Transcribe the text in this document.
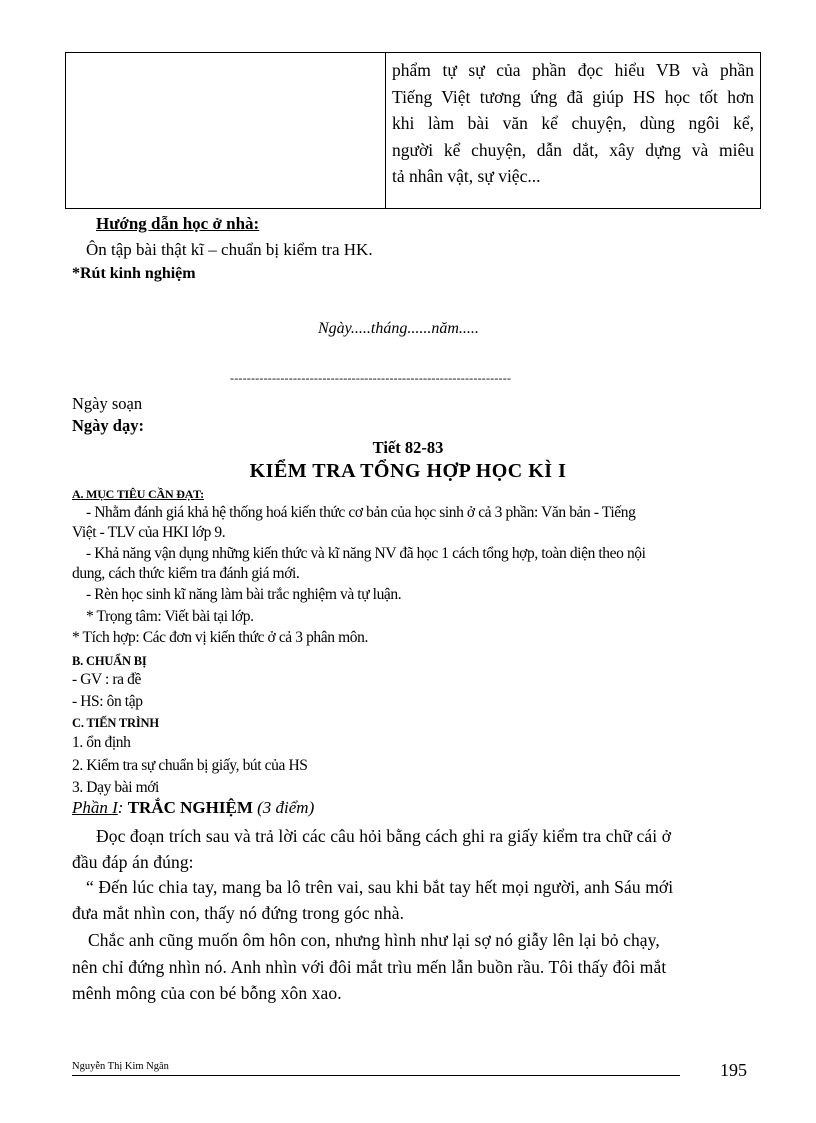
phẩm tự sự của phần đọc hiểu VB và phần
Tiếng Việt tương ứng đã giúp HS học tốt hơn
khi làm bài văn kể chuyện, dùng ngôi kể,
người kể chuyện, dẫn dắt, xây dựng và miêu
tả nhân vật, sự việc...
Hướng dẫn học ở nhà:
Ôn tập bài thật kĩ – chuẩn bị kiểm tra HK.
*Rút kinh nghiệm
Ngày.....tháng......năm.....
-------------------------------------------------------------------
Ngày soạn
Ngày dạy:
Tiết 82-83
KIỂM TRA TỔNG HỢP HỌC KÌ I
A. MỤC TIÊU CẦN ĐẠT:
- Nhằm đánh giá khả hệ thống hoá kiến thức cơ bản của học sinh ở cả 3 phần: Văn bản - Tiếng
Việt - TLV của HKI lớp 9.
- Khả năng vận dụng những kiến thức và kĩ năng NV đã học 1 cách tổng hợp, toàn diện theo nội
dung, cách thức kiểm tra đánh giá mới.
- Rèn học sinh kĩ năng làm bài trắc nghiệm và tự luận.
* Trọng tâm: Viết bài tại lớp.
* Tích hợp: Các đơn vị kiến thức ở cả 3 phân môn.
B. CHUẨN BỊ
- GV : ra đề
- HS: ôn tập
C. TIẾN TRÌNH
1. ổn định
2. Kiểm tra sự chuẩn bị giấy, bút của HS
3. Dạy bài mới
Phần I: TRẮC NGHIỆM (3 điểm)
Đọc đoạn trích sau và trả lời các câu hỏi bằng cách ghi ra giấy kiểm tra chữ cái ở
đầu đáp án đúng:
“ Đến lúc chia tay, mang ba lô trên vai, sau khi bắt tay hết mọi người, anh Sáu mới
đưa mắt nhìn con, thấy nó đứng trong góc nhà.
Chắc anh cũng muốn ôm hôn con, nhưng hình như lại sợ nó giẫy lên lại bỏ chạy,
nên chỉ đứng nhìn nó. Anh nhìn với đôi mắt trìu mến lẫn buồn rầu. Tôi thấy đôi mắt
mênh mông của con bé bỗng xôn xao.
Nguyễn Thị Kim Ngân	195
